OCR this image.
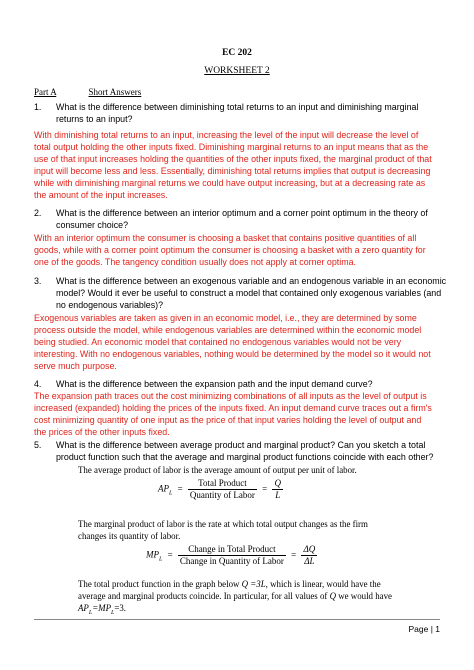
EC 202
WORKSHEET 2
Part A	Short Answers
1. What is the difference between diminishing total returns to an input and diminishing marginal
returns to an input?
With diminishing total returns to an input, increasing the level of the input will decrease the level of
total output holding the other inputs fixed. Diminishing marginal returns to an input means that as the
use of that input increases holding the quantities of the other inputs fixed, the marginal product of that
input will become less and less. Essentially, diminishing total returns implies that output is decreasing
while with diminishing marginal returns we could have output increasing, but at a decreasing rate as
the amount of the input increases.
2. What is the difference between an interior optimum and a corner point optimum in the theory of
consumer choice?
With an interior optimum the consumer is choosing a basket that contains positive quantities of all
goods, while with a corner point optimum the consumer is choosing a basket with a zero quantity for
one of the goods. The tangency condition usually does not apply at corner optima.
3. What is the difference between an exogenous variable and an endogenous variable in an economic
model? Would it ever be useful to construct a model that contained only exogenous variables (and
no endogenous variables)?
Exogenous variables are taken as given in an economic model, i.e., they are determined by some
process outside the model, while endogenous variables are determined within the economic model
being studied. An economic model that contained no endogenous variables would not be very
interesting. With no endogenous variables, nothing would be determined by the model so it would not
serve much purpose.
4. What is the difference between the expansion path and the input demand curve?
The expansion path traces out the cost minimizing combinations of all inputs as the level of output is
increased (expanded) holding the prices of the inputs fixed. An input demand curve traces out a firm's
cost minimizing quantity of one input as the price of that input varies holding the level of output and
the prices of the other inputs fixed.
5. What is the difference between average product and marginal product? Can you sketch a total
product function such that the average and marginal product functions coincide with each other?
The average product of labor is the average amount of output per unit of labor.
$AP_L = \frac{\text{Total Product}}{\text{Quantity of Labor}} = \frac{Q}{L}$
The marginal product of labor is the rate at which total output changes as the firm
changes its quantity of labor.
$MP_L = \frac{\text{Change in Total Product}}{\text{Change in Quantity of Labor}} = \frac{\Delta Q}{\Delta L}$
The total product function in the graph below Q =3L, which is linear, would have the
average and marginal products coincide. In particular, for all values of Q we would have
$AP_L=MP_L=3$.
Page | 1
